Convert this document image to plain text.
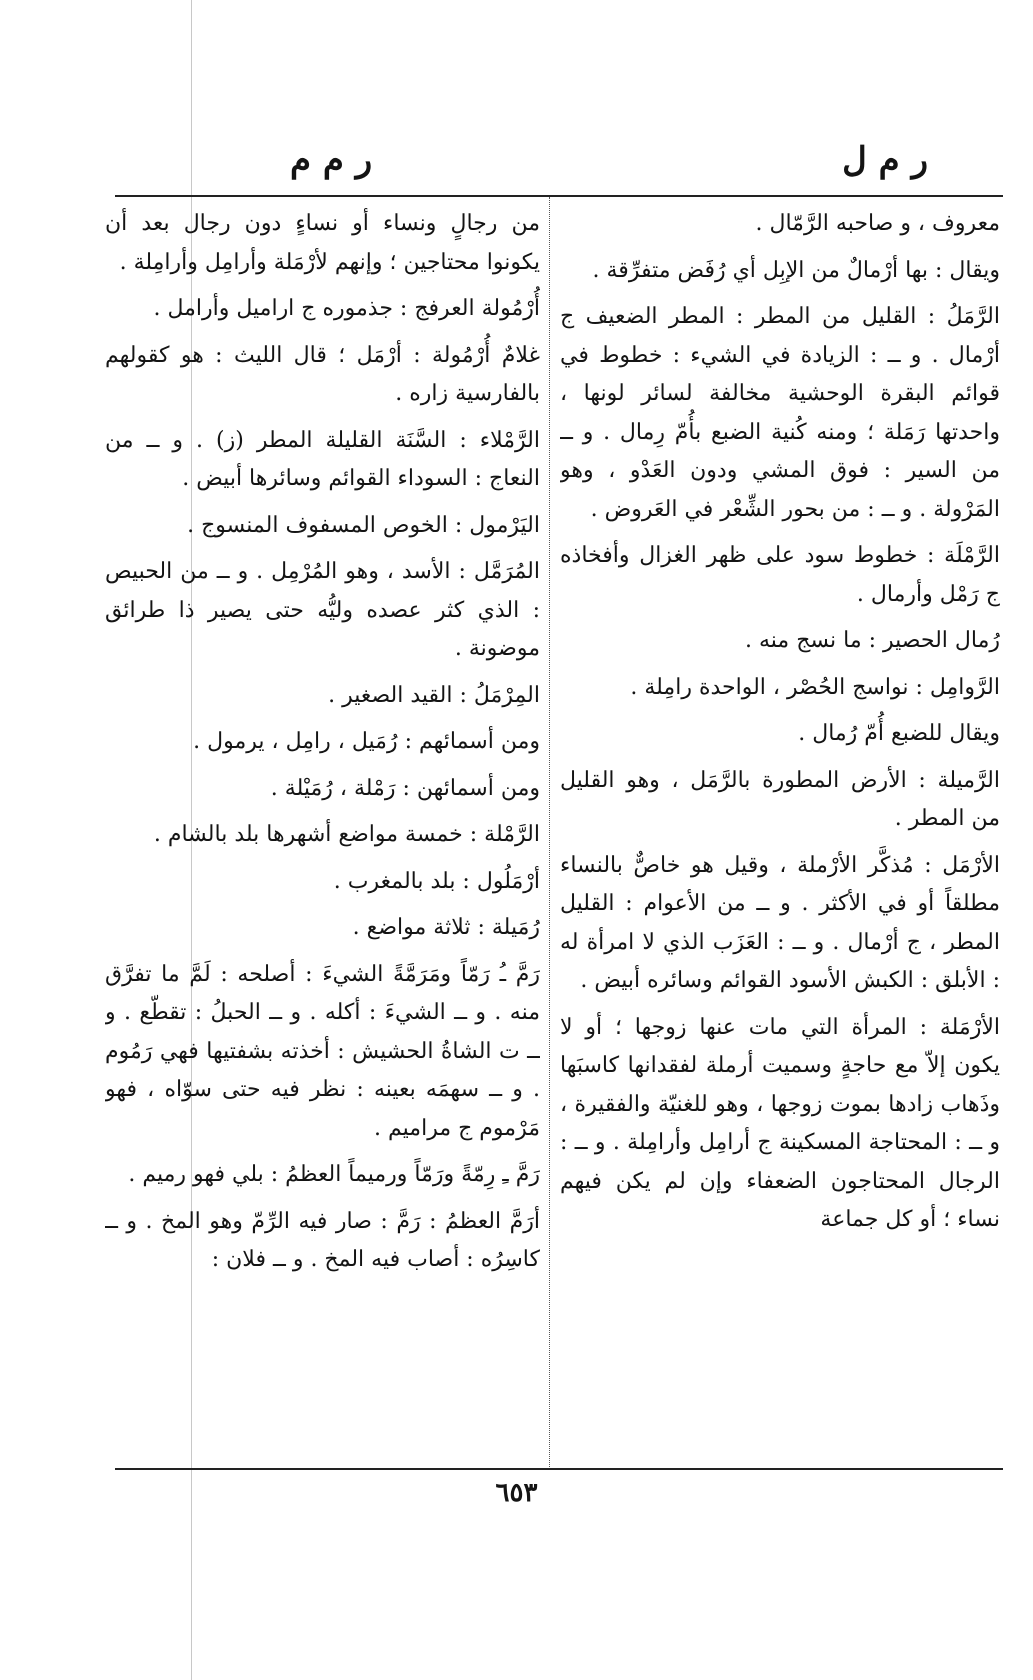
ر م ل
ر م م

معروف ، و صاحبه الرَّمّال .

ويقال : بها أرْمالٌ من الإبِل أي رُفَض متفرِّقة .

الرَّمَلُ : القليل من المطر : المطر الضعيف ج أرْمال . و ــ : الزيادة في الشيء : خطوط في قوائم البقرة الوحشية مخالفة لسائر لونها ، واحدتها رَمَلة ؛ ومنه كُنية الضبع بأُمّ رِمال . و ــ من السير : فوق المشي ودون العَدْو ، وهو المَرْولة . و ــ : من بحور الشِّعْر في العَروض .

الرَّمْلَة : خطوط سود على ظهر الغزال وأفخاذه ج رَمْل وأرمال .

رُمال الحصير : ما نسج منه .

الرَّوامِل : نواسج الحُصْر ، الواحدة رامِلة .

ويقال للضبع أُمّ رُمال .

الرَّميلة : الأرض المطورة بالرَّمَل ، وهو القليل من المطر .

الأرْمَل : مُذكَّر الأرْملة ، وقيل هو خاصٌّ بالنساء مطلقاً أو في الأكثر . و ــ من الأعوام : القليل المطر ، ج أرْمال . و ــ : العَزَب الذي لا امرأة له : الأبلق : الكبش الأسود القوائم وسائره أبيض .

الأرْمَلة : المرأة التي مات عنها زوجها ؛ أو لا يكون إلاّ مع حاجةٍ وسميت أرملة لفقدانها كاسبَها وذَهاب زادها بموت زوجها ، وهو للغنيّة والفقيرة ، و ــ : المحتاجة المسكينة ج أرامِل وأرامِلة . و ــ : الرجال المحتاجون الضعفاء وإن لم يكن فيهم نساء ؛ أو كل جماعة

من رجالٍ ونساء أو نساءٍ دون رجال بعد أن يكونوا محتاجين ؛ وإنهم لأرْمَلة وأرامِل وأرامِلة .

أُرْمُولة العرفج : جذموره ج اراميل وأرامل .

غلامٌ أُرْمُولة : أرْمَل ؛ قال الليث : هو كقولهم بالفارسية زاره .

الرَّمْلاء : السَّنَة القليلة المطر (ز) . و ــ من النعاج : السوداء القوائم وسائرها أبيض .

اليَرْمول : الخوص المسفوف المنسوج .

المُرَمَّل : الأسد ، وهو المُرْمِل . و ــ من الحبيص : الذي كثر عصده وليُّه حتى يصير ذا طرائق موضونة .

المِرْمَلُ : القيد الصغير .

ومن أسمائهم : رُمَيل ، رامِل ، يرمول .

ومن أسمائهن : رَمْلة ، رُمَيْلة .

الرَّمْلة : خمسة مواضع أشهرها بلد بالشام .

أرْمَلُول : بلد بالمغرب .

رُمَيلة : ثلاثة مواضع .

رَمَّ ـُ رَمّاً ومَرَمَّةً الشيءَ : أصلحه : لَمَّ ما تفرَّق منه . و ــ الشيءَ : أكله . و ــ الحبلُ : تقطّع . و ــ ت الشاةُ الحشيش : أخذته بشفتيها فهي رَمُوم . و ــ سهمَه بعينه : نظر فيه حتى سوّاه ، فهو مَرْموم ج مراميم .

رَمَّ ـِ رِمّةً ورَمّاً ورميماً العظمُ : بلي فهو رميم .

أرَمَّ العظمُ : رَمَّ : صار فيه الرِّمّ وهو المخ . و ــ كاسِرُه : أصاب فيه المخ . و ــ فلان :

٦٥٣
